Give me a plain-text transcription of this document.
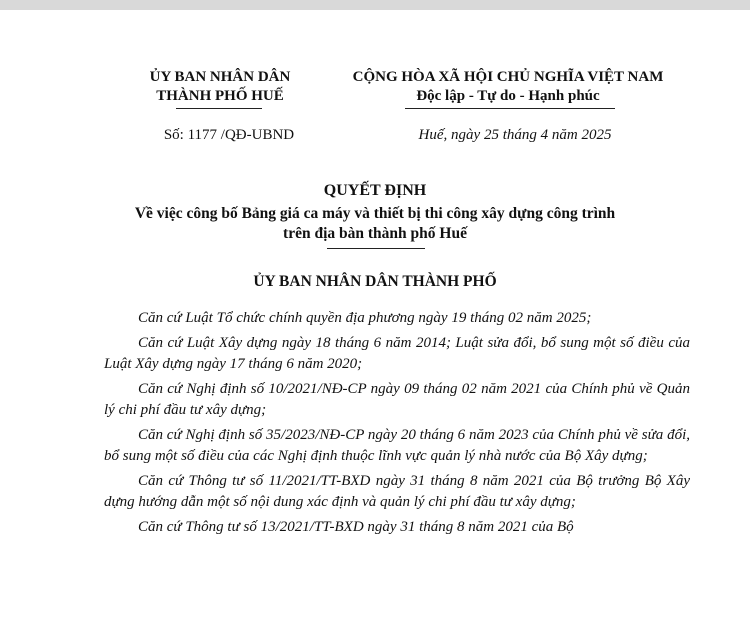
ỦY BAN NHÂN DÂN
THÀNH PHỐ HUẾ
CỘNG HÒA XÃ HỘI CHỦ NGHĨA VIỆT NAM
Độc lập - Tự do - Hạnh phúc
Số: 1177 /QĐ-UBND	Huế, ngày 25 tháng 4 năm 2025
QUYẾT ĐỊNH
Về việc công bố Bảng giá ca máy và thiết bị thi công xây dựng công trình
trên địa bàn thành phố Huế
ỦY BAN NHÂN DÂN THÀNH PHỐ

Căn cứ Luật Tổ chức chính quyền địa phương ngày 19 tháng 02 năm 2025;

Căn cứ Luật Xây dựng ngày 18 tháng 6 năm 2014; Luật sửa đổi, bổ sung một số điều của Luật Xây dựng ngày 17 tháng 6 năm 2020;

Căn cứ Nghị định số 10/2021/NĐ-CP ngày 09 tháng 02 năm 2021 của Chính phủ về Quản lý chi phí đầu tư xây dựng;

Căn cứ Nghị định số 35/2023/NĐ-CP ngày 20 tháng 6 năm 2023 của Chính phủ về sửa đổi, bổ sung một số điều của các Nghị định thuộc lĩnh vực quản lý nhà nước của Bộ Xây dựng;

Căn cứ Thông tư số 11/2021/TT-BXD ngày 31 tháng 8 năm 2021 của Bộ trưởng Bộ Xây dựng hướng dẫn một số nội dung xác định và quản lý chi phí đầu tư xây dựng;

Căn cứ Thông tư số 13/2021/TT-BXD ngày 31 tháng 8 năm 2021 của Bộ
